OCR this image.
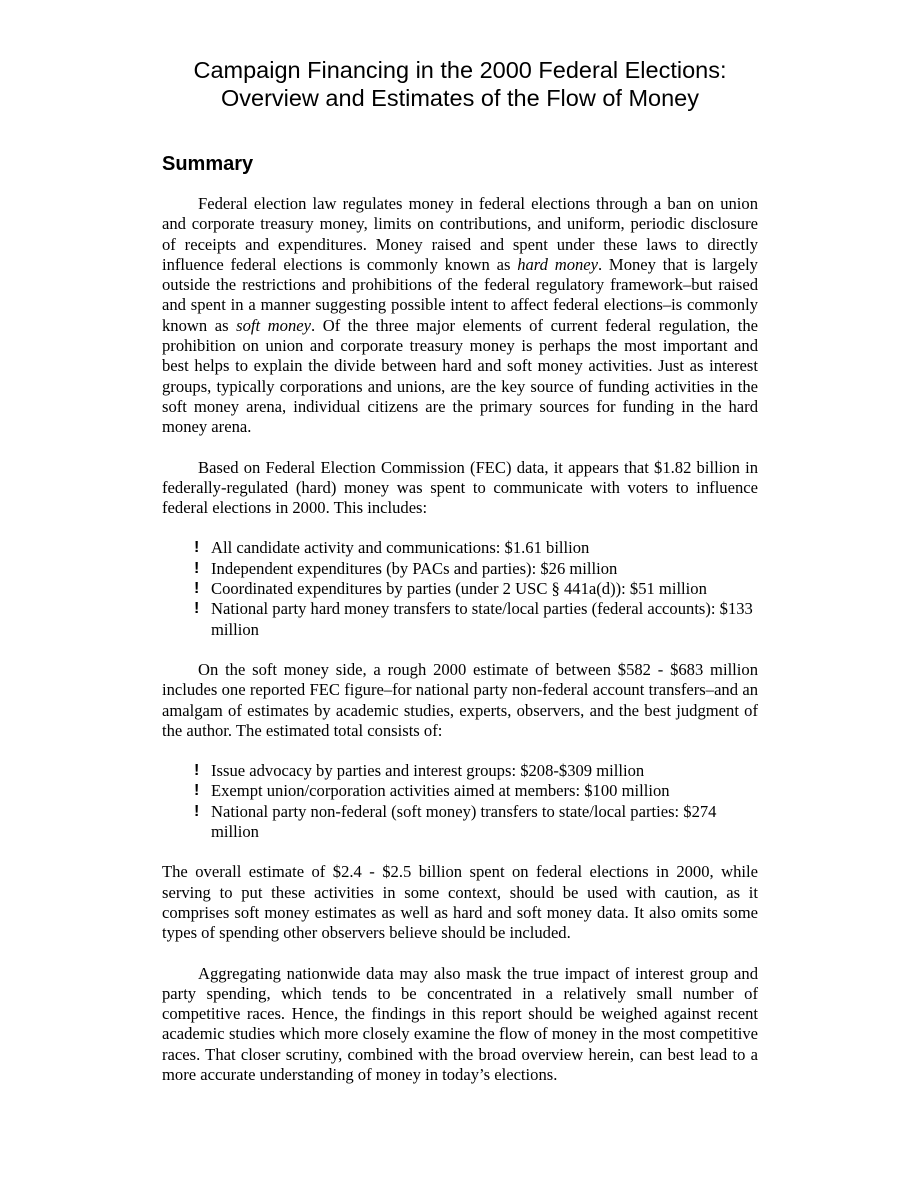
Campaign Financing in the 2000 Federal Elections:
Overview and Estimates of the Flow of Money
Summary

Federal election law regulates money in federal elections through a ban on union and corporate treasury money, limits on contributions, and uniform, periodic disclosure of receipts and expenditures. Money raised and spent under these laws to directly influence federal elections is commonly known as hard money. Money that is largely outside the restrictions and prohibitions of the federal regulatory framework–but raised and spent in a manner suggesting possible intent to affect federal elections–is commonly known as soft money. Of the three major elements of current federal regulation, the prohibition on union and corporate treasury money is perhaps the most important and best helps to explain the divide between hard and soft money activities. Just as interest groups, typically corporations and unions, are the key source of funding activities in the soft money arena, individual citizens are the primary sources for funding in the hard money arena.

Based on Federal Election Commission (FEC) data, it appears that $1.82 billion in federally-regulated (hard) money was spent to communicate with voters to influence federal elections in 2000. This includes:

! All candidate activity and communications: $1.61 billion
! Independent expenditures (by PACs and parties): $26 million
! Coordinated expenditures by parties (under 2 USC § 441a(d)): $51 million
! National party hard money transfers to state/local parties (federal accounts): $133 million

On the soft money side, a rough 2000 estimate of between $582 - $683 million includes one reported FEC figure–for national party non-federal account transfers–and an amalgam of estimates by academic studies, experts, observers, and the best judgment of the author. The estimated total consists of:

! Issue advocacy by parties and interest groups: $208-$309 million
! Exempt union/corporation activities aimed at members: $100 million
! National party non-federal (soft money) transfers to state/local parties: $274 million

The overall estimate of $2.4 - $2.5 billion spent on federal elections in 2000, while serving to put these activities in some context, should be used with caution, as it comprises soft money estimates as well as hard and soft money data. It also omits some types of spending other observers believe should be included.

Aggregating nationwide data may also mask the true impact of interest group and party spending, which tends to be concentrated in a relatively small number of competitive races. Hence, the findings in this report should be weighed against recent academic studies which more closely examine the flow of money in the most competitive races. That closer scrutiny, combined with the broad overview herein, can best lead to a more accurate understanding of money in today’s elections.
